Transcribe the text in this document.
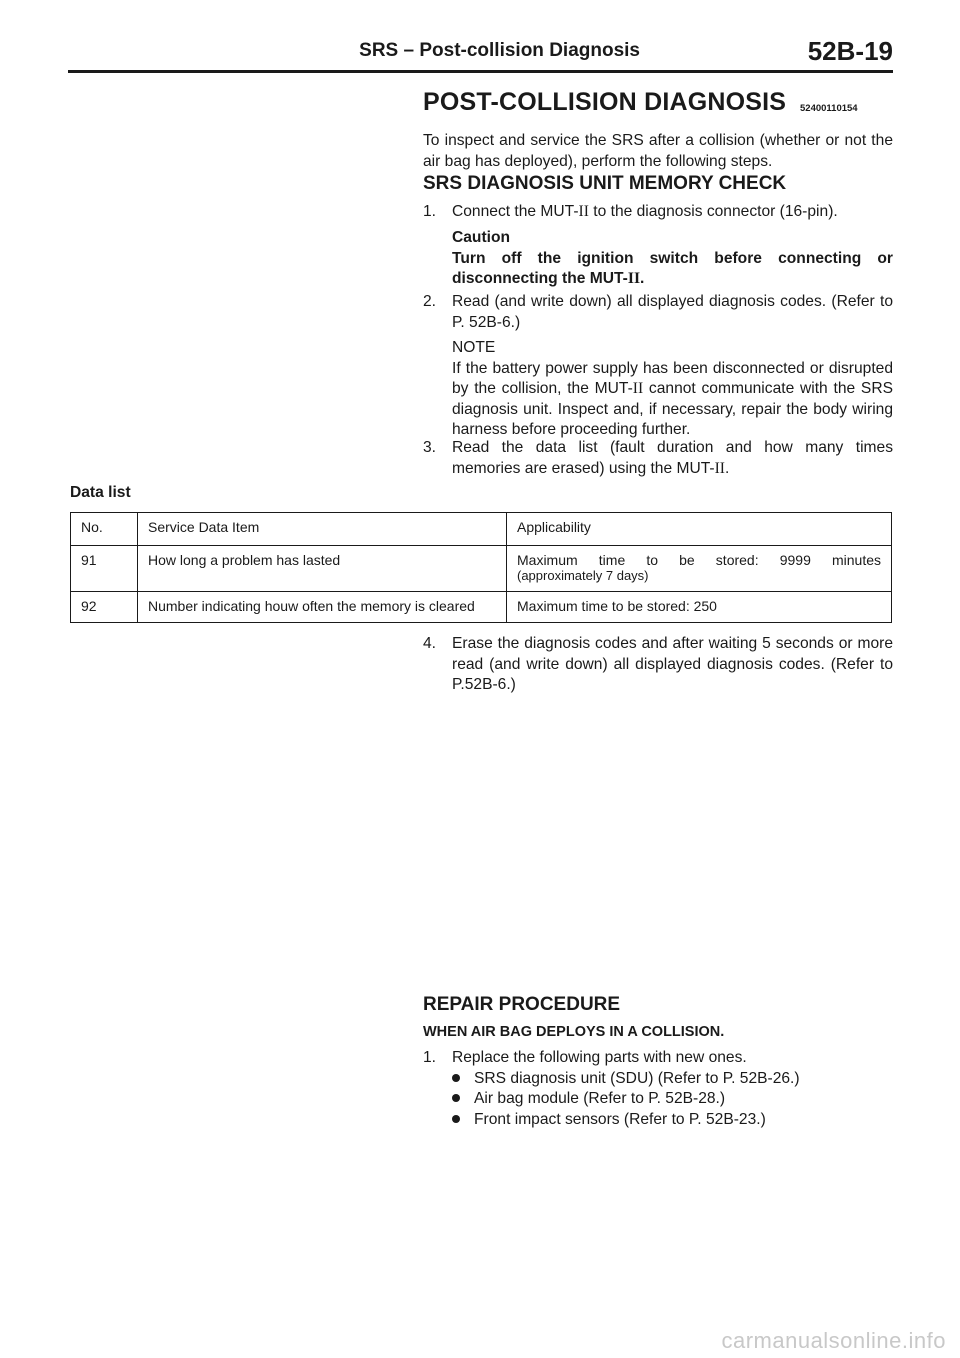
SRS – Post-collision Diagnosis	52B-19
POST-COLLISION DIAGNOSIS 52400110154
To inspect and service the SRS after a collision (whether or not the air bag has deployed), perform the following steps.
SRS DIAGNOSIS UNIT MEMORY CHECK
1.	Connect the MUT-II to the diagnosis connector (16-pin).
Caution
Turn off the ignition switch before connecting or disconnecting the MUT-II.
2.	Read (and write down) all displayed diagnosis codes. (Refer to P. 52B-6.)
NOTE
If the battery power supply has been disconnected or disrupted by the collision, the MUT-II cannot communicate with the SRS diagnosis unit. Inspect and, if necessary, repair the body wiring harness before proceeding further.
3.	Read the data list (fault duration and how many times memories are erased) using the MUT-II.
Data list
No.	Service Data Item	Applicability
91	How long a problem has lasted	Maximum time to be stored: 9999 minutes
(approximately 7 days)

92	Number indicating houw often the memory is cleared	Maximum time to be stored: 250
4.	Erase the diagnosis codes and after waiting 5 seconds or more read (and write down) all displayed diagnosis codes. (Refer to P.52B-6.)
REPAIR PROCEDURE
WHEN AIR BAG DEPLOYS IN A COLLISION.
1.	Replace the following parts with new ones.
SRS diagnosis unit (SDU) (Refer to P. 52B-26.)
Air bag module (Refer to P. 52B-28.)
Front impact sensors (Refer to P. 52B-23.)
carmanualsonline.info
